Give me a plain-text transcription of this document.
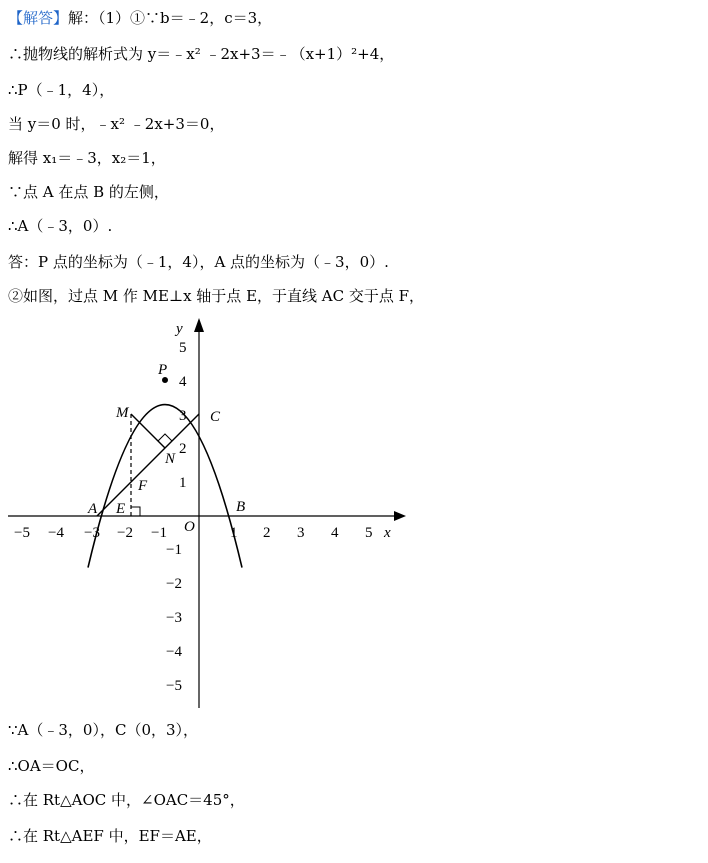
【解答】解：（1）①∵b＝﹣2，c＝3，
∴抛物线的解析式为 y＝﹣x² ﹣2x+3＝﹣（x+1）²+4，
∴P（﹣1，4），
当 y＝0 时，﹣x² ﹣2x+3＝0，
解得 x₁＝﹣3，x₂＝1，
∵点 A 在点 B 的左侧，
∴A（﹣3，0）.
答：P 点的坐标为（﹣1，4），A 点的坐标为（﹣3，0）.
②如图，过点 M 作 ME⊥x 轴于点 E，于直线 AC 交于点 F，
∵A（﹣3，0），C（0，3），
∴OA＝OC，
∴在 Rt△AOC 中，∠OAC＝45°，
∴在 Rt△AEF 中，EF＝AE，
−5 −4 −3 −2 −1	1 2 3 4 5 x
1
2
3
4
5
y
−1
−2
−3
−4
−5
O
P
M	C
N
F
A E	B
